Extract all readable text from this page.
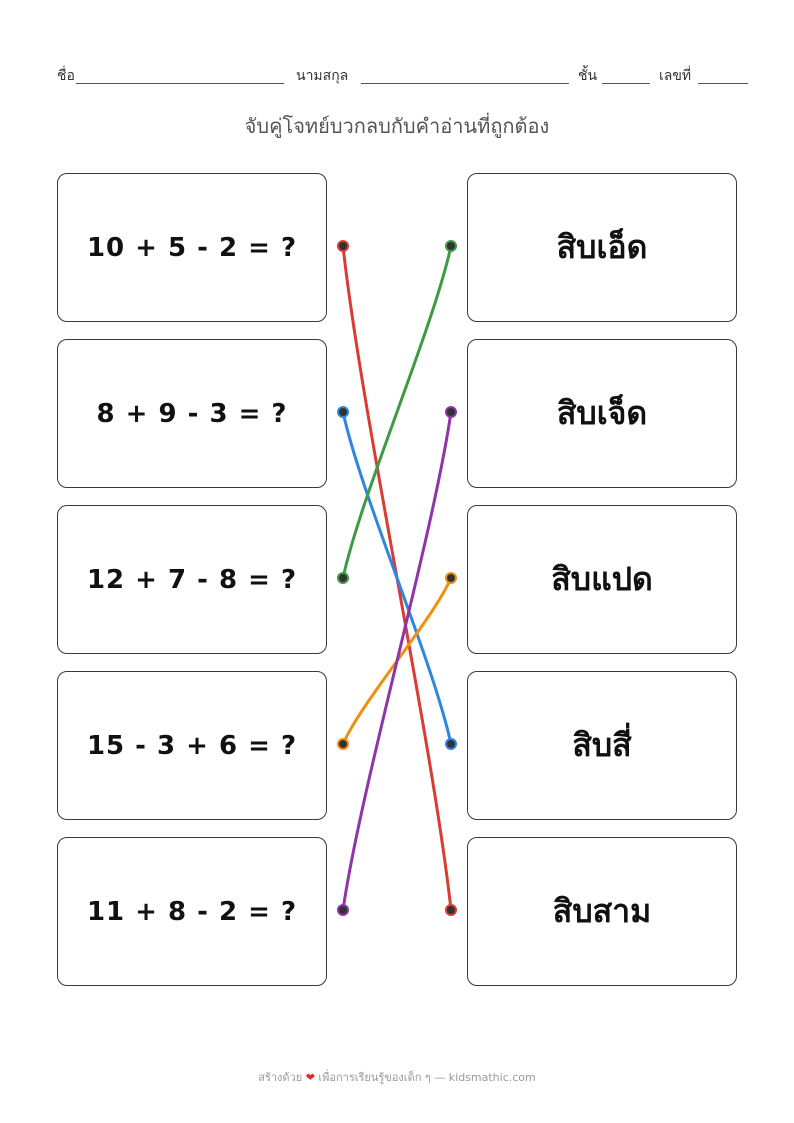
ชื่อ	นามสกุล	ชั้น	เลขที่
จับคู่โจทย์บวกลบกับคำอ่านที่ถูกต้อง
10 + 5 - 2 = ?
8 + 9 - 3 = ?
12 + 7 - 8 = ?
15 - 3 + 6 = ?
11 + 8 - 2 = ?
สิบเอ็ด
สิบเจ็ด
สิบแปด
สิบสี่
สิบสาม
สร้างด้วย ❤ เพื่อการเรียนรู้ของเด็ก ๆ — kidsmathic.com
